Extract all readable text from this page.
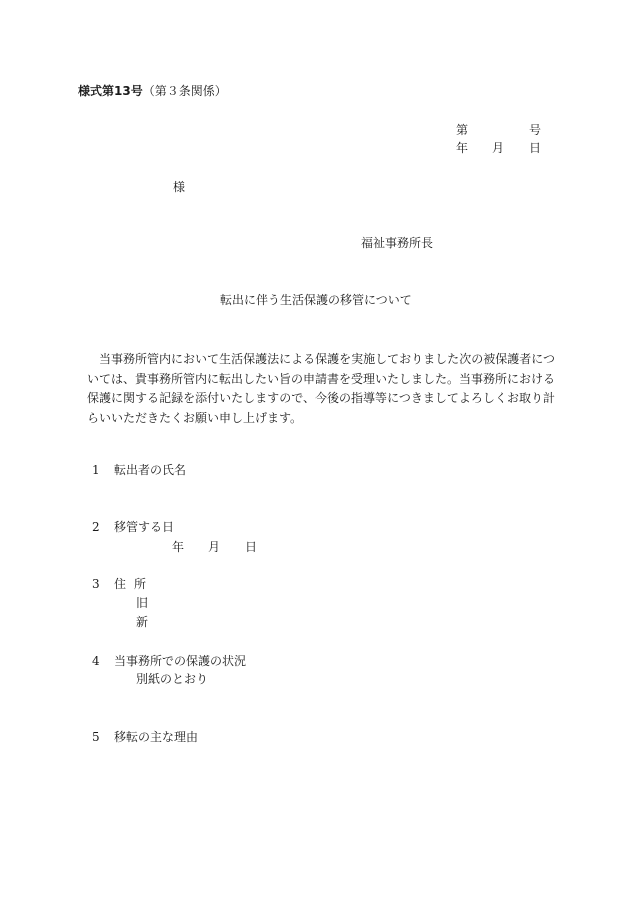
様式第13号（第３条関係）
第	号
年 月 日
様
福祉事務所長
転出に伴う生活保護の移管について
当事務所管内において生活保護法による保護を実施しておりました次の被保護者については、貴事務所管内に転出したい旨の申請書を受理いたしました。当事務所における保護に関する記録を添付いたしますので、今後の指導等につきましてよろしくお取り計らいいただきたくお願い申し上げます。
1 転出者の氏名
2 移管する日
年 月 日
3 住所
旧
新
4 当事務所での保護の状況
別紙のとおり
5 移転の主な理由
